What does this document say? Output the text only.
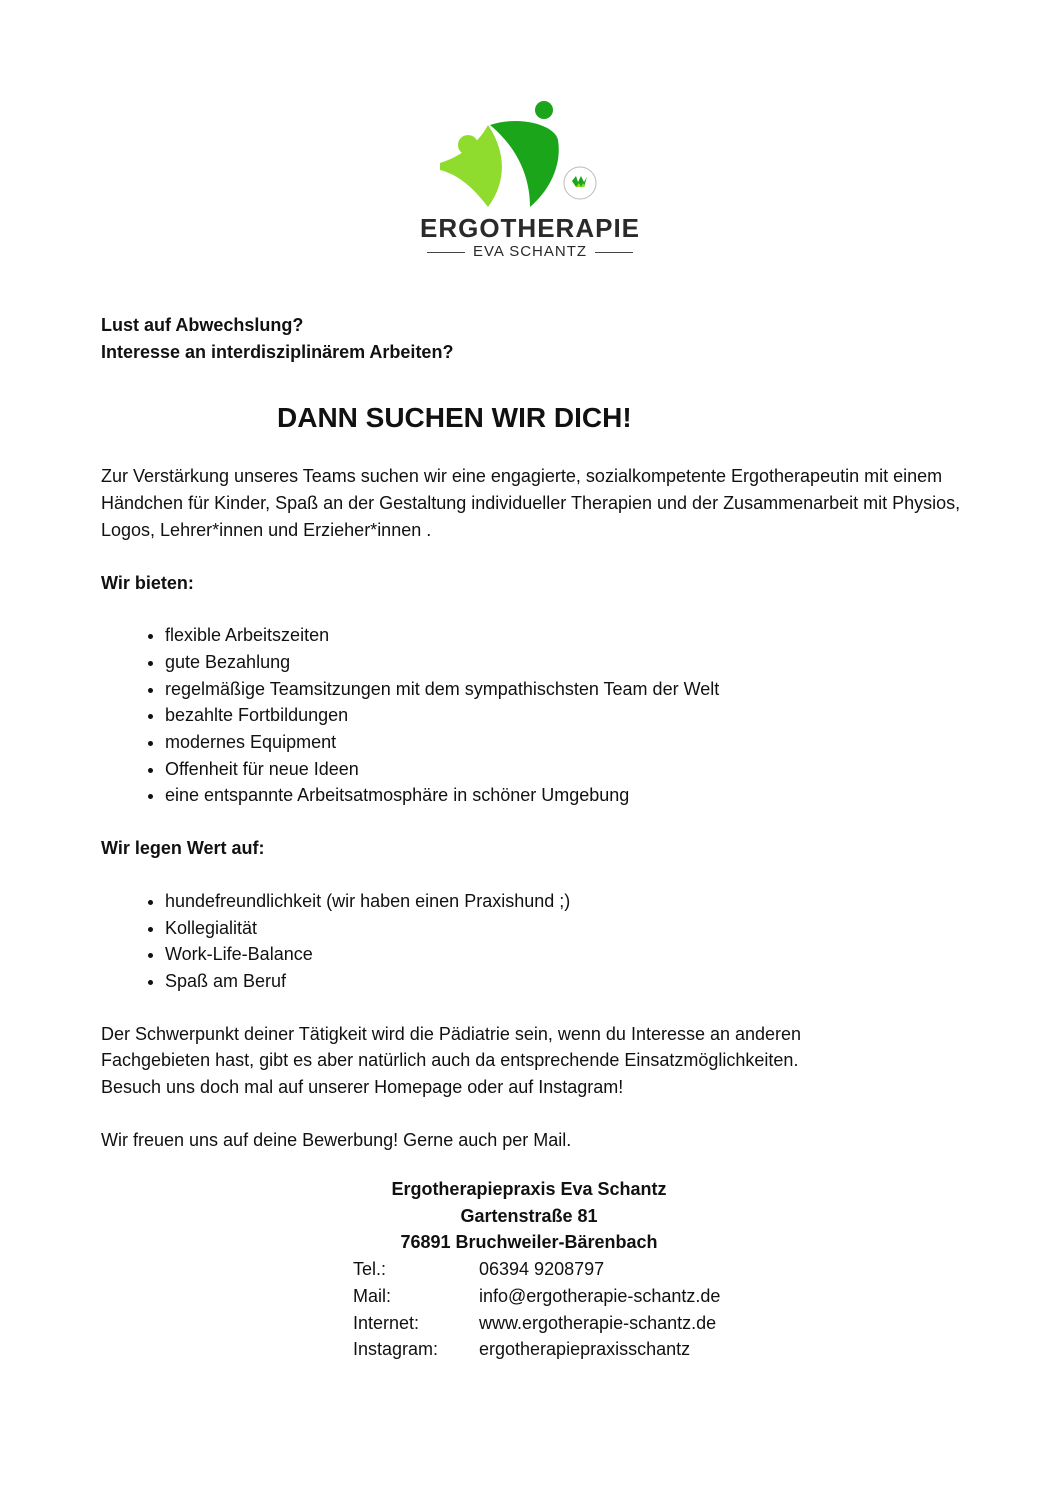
ERGOTHERAPIE
EVA SCHANTZ

Lust auf Abwechslung?

Interesse an interdisziplinärem Arbeiten?

DANN SUCHEN WIR DICH!

Zur Verstärkung unseres Teams suchen wir eine engagierte, sozialkompetente Ergotherapeutin mit einem Händchen für Kinder, Spaß an der Gestaltung individueller Therapien und der Zusammenarbeit mit Physios, Logos, Lehrer*innen und Erzieher*innen .

Wir bieten:

• flexible Arbeitszeiten
• gute Bezahlung
• regelmäßige Teamsitzungen mit dem sympathischsten Team der Welt
• bezahlte Fortbildungen
• modernes Equipment
• Offenheit für neue Ideen
• eine entspannte Arbeitsatmosphäre in schöner Umgebung

Wir legen Wert auf:

• hundefreundlichkeit (wir haben einen Praxishund ;)
• Kollegialität
• Work-Life-Balance
• Spaß am Beruf

Der Schwerpunkt deiner Tätigkeit wird die Pädiatrie sein, wenn du Interesse an anderen

Fachgebieten hast, gibt es aber natürlich auch da entsprechende Einsatzmöglichkeiten.

Besuch uns doch mal auf unserer Homepage oder auf Instagram!

Wir freuen uns auf deine Bewerbung! Gerne auch per Mail.

Ergotherapiepraxis Eva Schantz
Gartenstraße 81
76891 Bruchweiler-Bärenbach
Tel.:	06394 9208797
Mail:	info@ergotherapie-schantz.de
Internet:	www.ergotherapie-schantz.de
Instagram:	ergotherapiepraxisschantz
